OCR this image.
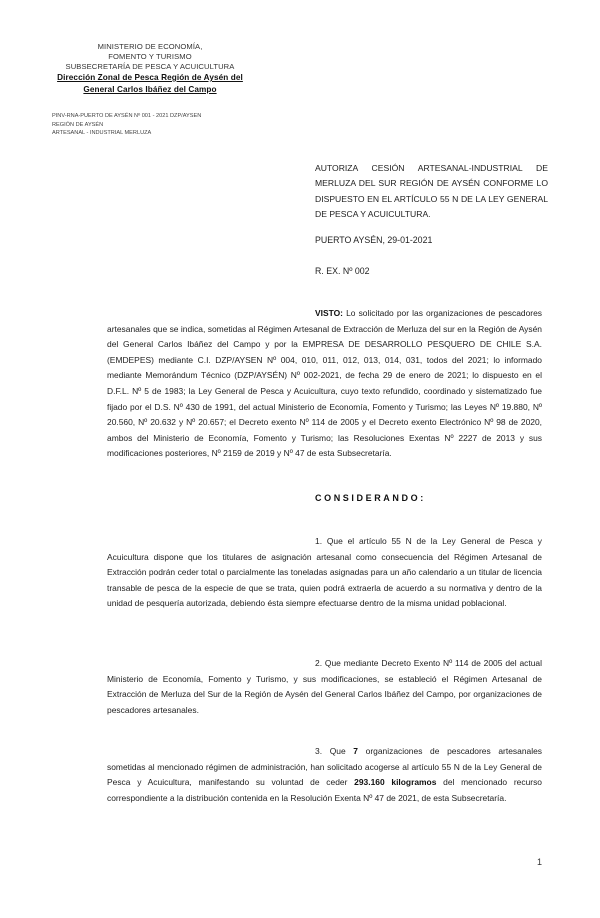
MINISTERIO DE ECONOMÍA,
FOMENTO Y TURISMO
SUBSECRETARÍA DE PESCA Y ACUICULTURA
Dirección Zonal de Pesca Región de Aysén del
General Carlos Ibáñez del Campo
PINV-RNA-PUERTO DE AYSÉN Nº 001 - 2021 DZP/AYSEN
REGIÓN DE AYSÉN
ARTESANAL - INDUSTRIAL MERLUZA
AUTORIZA CESIÓN ARTESANAL-INDUSTRIAL DE MERLUZA DEL SUR REGIÓN DE AYSÉN CONFORME LO DISPUESTO EN EL ARTÍCULO 55 N DE LA LEY GENERAL DE PESCA Y ACUICULTURA.
PUERTO AYSÉN, 29-01-2021
R. EX. Nº 002
VISTO: Lo solicitado por las organizaciones de pescadores artesanales que se indica, sometidas al Régimen Artesanal de Extracción de Merluza del sur en la Región de Aysén del General Carlos Ibáñez del Campo y por la EMPRESA DE DESARROLLO PESQUERO DE CHILE S.A. (EMDEPES) mediante C.I. DZP/AYSEN Nº 004, 010, 011, 012, 013, 014, 031, todos del 2021; lo informado mediante Memorándum Técnico (DZP/AYSÉN) Nº 002-2021, de fecha 29 de enero de 2021; lo dispuesto en el D.F.L. Nº 5 de 1983; la Ley General de Pesca y Acuicultura, cuyo texto refundido, coordinado y sistematizado fue fijado por el D.S. Nº 430 de 1991, del actual Ministerio de Economía, Fomento y Turismo; las Leyes Nº 19.880, Nº 20.560, Nº 20.632 y Nº 20.657; el Decreto exento Nº 114 de 2005 y el Decreto exento Electrónico Nº 98 de 2020, ambos del Ministerio de Economía, Fomento y Turismo; las Resoluciones Exentas Nº 2227 de 2013 y sus modificaciones posteriores, Nº 2159 de 2019 y Nº 47 de esta Subsecretaría.
CONSIDERANDO:
1. Que el artículo 55 N de la Ley General de Pesca y Acuicultura dispone que los titulares de asignación artesanal como consecuencia del Régimen Artesanal de Extracción podrán ceder total o parcialmente las toneladas asignadas para un año calendario a un titular de licencia transable de pesca de la especie de que se trata, quien podrá extraerla de acuerdo a su normativa y dentro de la unidad de pesquería autorizada, debiendo ésta siempre efectuarse dentro de la misma unidad poblacional.
2. Que mediante Decreto Exento Nº 114 de 2005 del actual Ministerio de Economía, Fomento y Turismo, y sus modificaciones, se estableció el Régimen Artesanal de Extracción de Merluza del Sur de la Región de Aysén del General Carlos Ibáñez del Campo, por organizaciones de pescadores artesanales.
3. Que 7 organizaciones de pescadores artesanales sometidas al mencionado régimen de administración, han solicitado acogerse al artículo 55 N de la Ley General de Pesca y Acuicultura, manifestando su voluntad de ceder 293.160 kilogramos del mencionado recurso correspondiente a la distribución contenida en la Resolución Exenta Nº 47 de 2021, de esta Subsecretaría.
1
